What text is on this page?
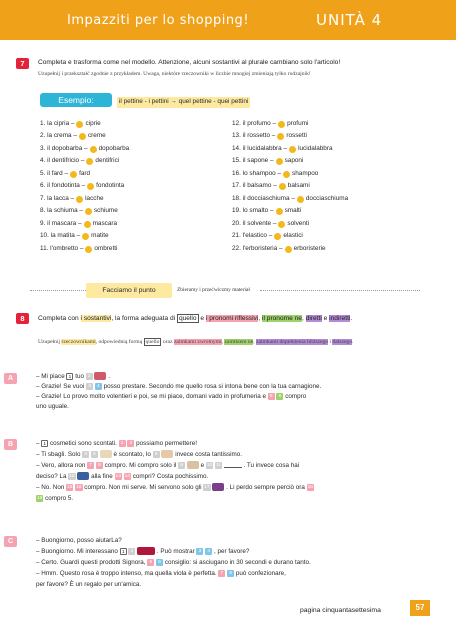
Impazziti per lo shopping!	UNITÀ 4
7	Completa e trasforma come nel modello. Attenzione, alcuni sostantivi al plurale cambiano solo l'articolo!
Uzupełnij i przekształć zgodnie z przykładem. Uwaga, niektóre rzeczowniki w liczbie mnogiej zmieniają tylko rodzajnik!
Esempio:	il pettine - i pettini → quel pettine - quei pettini
1. la cipria – ciprie
2. la crema – creme
3. il dopobarba – dopobarba
4. il dentifricio – dentifrici
5. il fard – fard
6. il fondotinta – fondotinta
7. la lacca – lacche
8. la schiuma – schiume
9. il mascara – mascara
10. la matita – matite
11. l'ombretto – ombretti
12. il profumo – profumi
13. il rossetto – rossetti
14. il lucidalabbra – lucidalabbra
15. il sapone – saponi
16. lo shampoo – shampoo
17. il balsamo – balsami
18. il docciaschiuma – docciaschiuma
19. lo smalto – smalti
20. il solvente – solventi
21. l'elastico – elastici
22. l'erboristeria – erboristerie
Facciamo il punto	Zbieramy i przećwiczmy materiał
8	Completa con i sostantivi, la forma adeguata di quello e i pronomi riflessivi, il pronome ne, diretti e indiretti.
Uzupełnij rzeczownikami, odpowiednią formą quello oraz zaimkami zwrotnymi, zaimkiem ne, zaimkami dopełnienia bliższego i dalszego.
A	– Mi piace 1 tuo 2	.
– Grazie! Se vuoi 3 4 posso prestare. Secondo me quello rosa si intona bene con la tua carnagione.
– Grazie! Lo provo molto volentieri e poi, se mi piace, domani vado in profumeria e 5 6 compro
uno uguale.
B	– 1 cosmetici sono scontati. 2 3 possiamo permettere!
– Ti sbagli. Solo 4 5	è scontato, lo 6	invece costa tantissimo.
– Vero, allora non 7 8 compro. Mi compro solo il 9	e 10 11	. Tu invece cosa hai
deciso? La 12	alla fine 13 14 compri? Costa pochissimo.
– No. Non 15 16 compro. Non mi serve. Mi servono solo gli 17	. Li perdo sempre perciò ora 18
19 compro 5.
C	– Buongiorno, posso aiutarLa?
– Buongiorno. Mi interessano 1 2	. Può mostrar 3 4 , per favore?
– Certo. Guardi questi prodotti Signora, 5 6 consiglio: si asciugano in 30 secondi e durano tanto.
– Hmm. Questo rosa è troppo intenso, ma quella viola è perfetta. 7 8 può confezionare,
per favore? È un regalo per un'amica.
pagina cinquantasettesima	57
